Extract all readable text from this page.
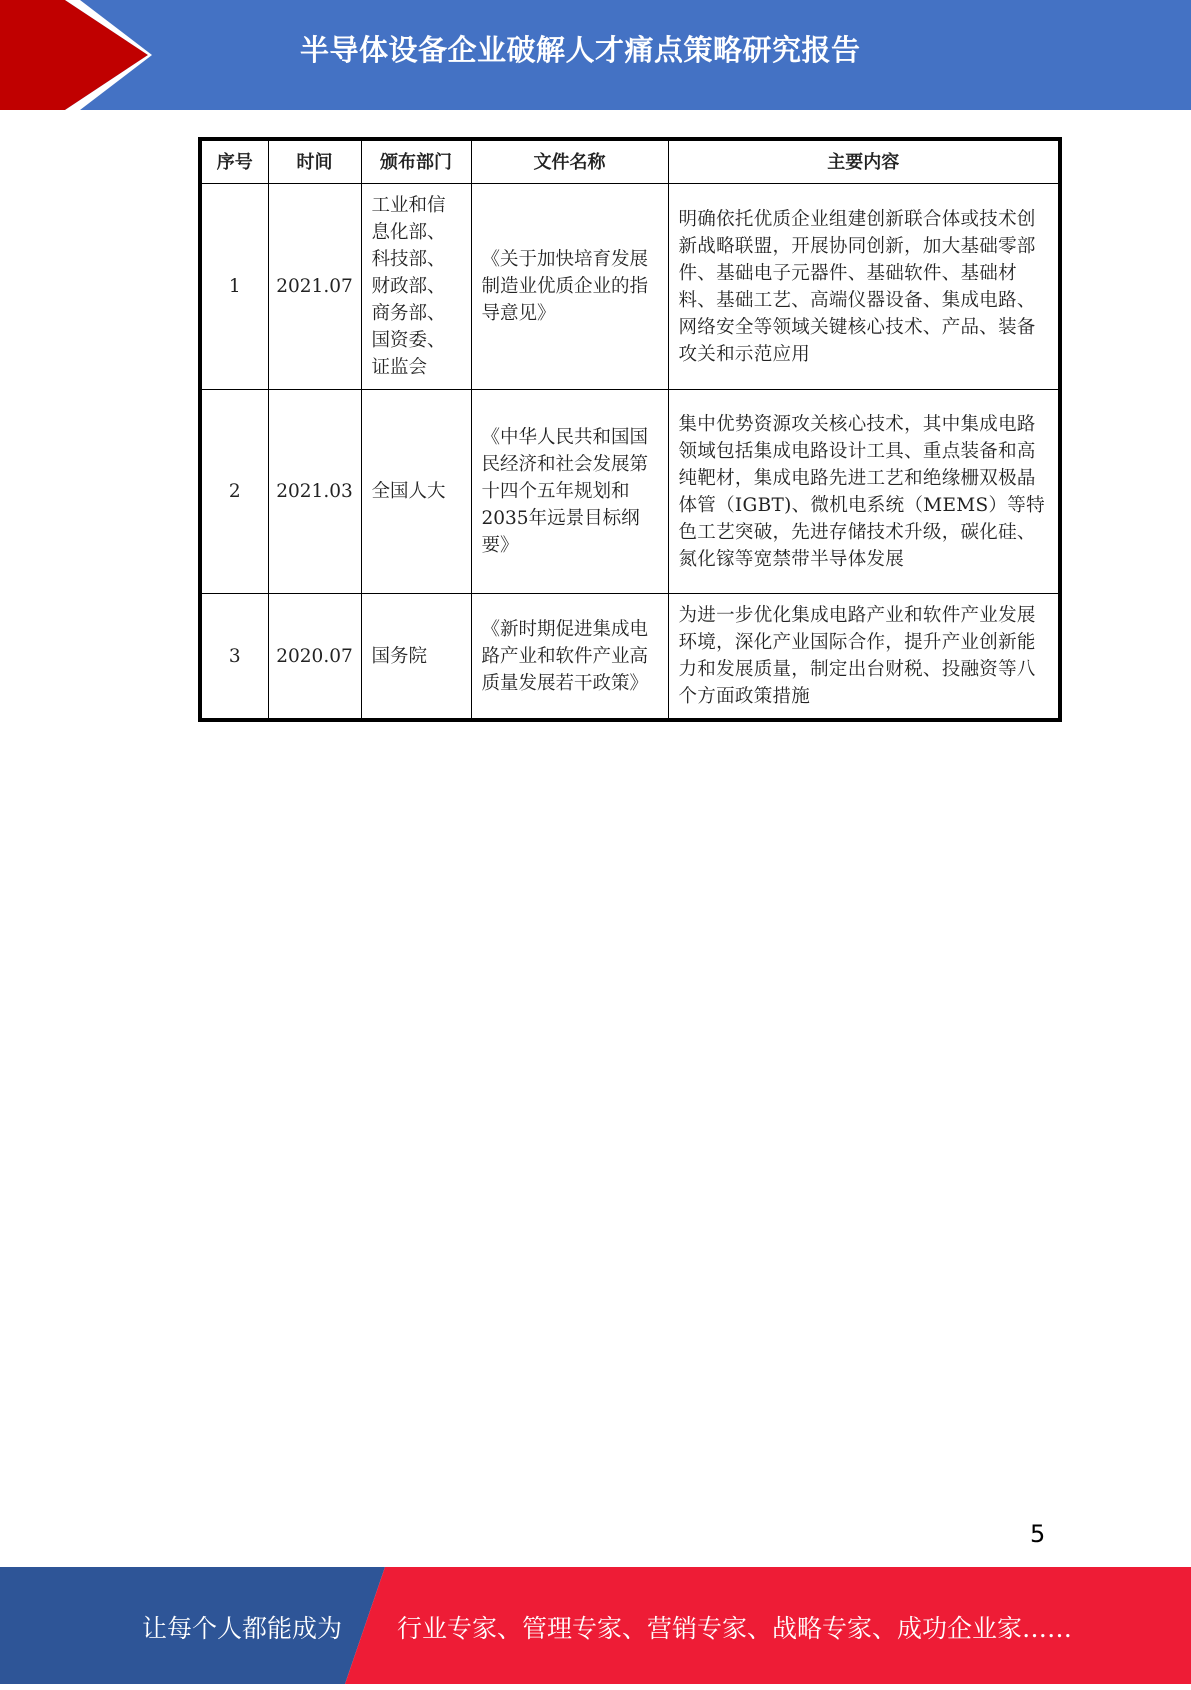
半导体设备企业破解人才痛点策略研究报告
序号	时间	颁布部门	文件名称	主要内容
1	2021.07	工业和信息化部、科技部、财政部、商务部、国资委、证监会	《关于加快培育发展制造业优质企业的指导意见》	明确依托优质企业组建创新联合体或技术创新战略联盟，开展协同创新，加大基础零部件、基础电子元器件、基础软件、基础材料、基础工艺、高端仪器设备、集成电路、网络安全等领域关键核心技术、产品、装备攻关和示范应用
2	2021.03	全国人大	《中华人民共和国国民经济和社会发展第十四个五年规划和2035年远景目标纲要》	集中优势资源攻关核心技术，其中集成电路领域包括集成电路设计工具、重点装备和高纯靶材，集成电路先进工艺和绝缘栅双极晶体管（IGBT)、微机电系统（MEMS）等特色工艺突破，先进存储技术升级，碳化硅、氮化镓等宽禁带半导体发展
3	2020.07	国务院	《新时期促进集成电路产业和软件产业高质量发展若干政策》	为进一步优化集成电路产业和软件产业发展环境，深化产业国际合作，提升产业创新能力和发展质量，制定出台财税、投融资等八个方面政策措施
5
让每个人都能成为 行业专家、管理专家、营销专家、战略专家、成功企业家……
